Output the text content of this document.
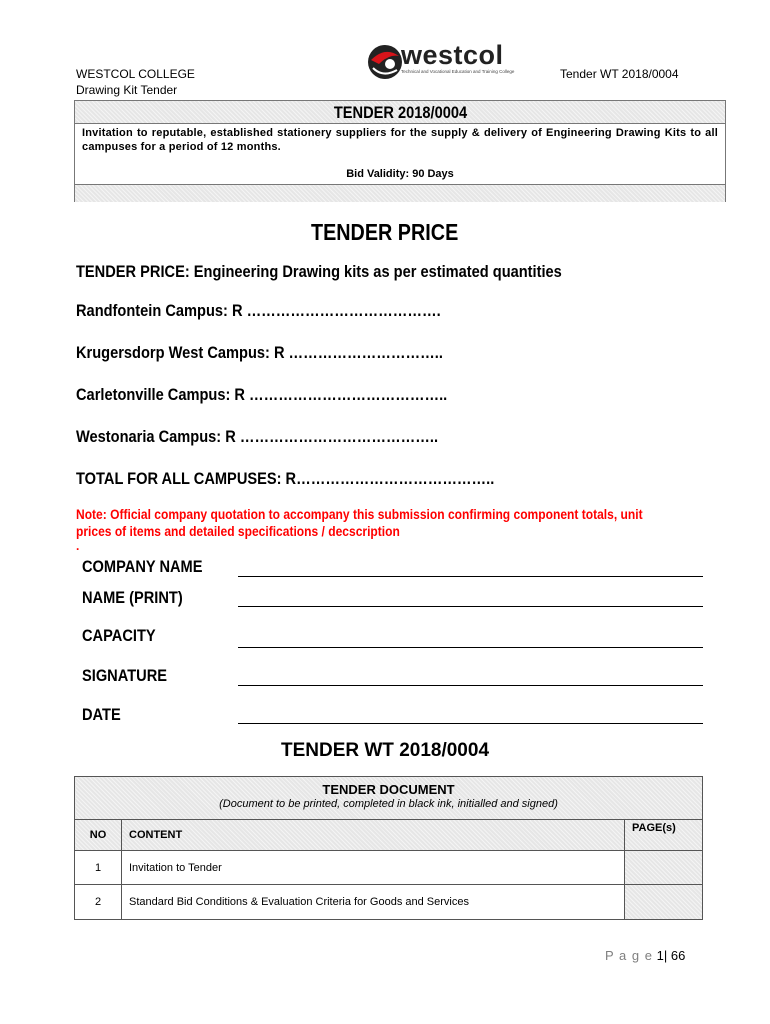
WESTCOL COLLEGE
Drawing Kit Tender
Tender WT 2018/0004
westcol
Technical and Vocational Education and Training College
TENDER 2018/0004
Invitation to reputable, established stationery suppliers for the supply & delivery of Engineering Drawing Kits to all campuses for a period of 12 months.
Bid Validity: 90 Days
TENDER PRICE
TENDER PRICE: Engineering Drawing kits as per estimated quantities
Randfontein Campus: R ………………………………….
Krugersdorp West Campus: R …………………………..
Carletonville Campus: R …………………………………..
Westonaria Campus: R …………………………………..
TOTAL FOR ALL CAMPUSES: R…………………………………..
Note: Official company quotation to accompany this submission confirming component totals, unit prices of items and detailed specifications / decscription
.
COMPANY NAME
NAME (PRINT)
CAPACITY
SIGNATURE
DATE
TENDER WT 2018/0004
TENDER DOCUMENT
(Document to be printed, completed in black ink, initialled and signed)		

NO	CONTENT	PAGE(s)
1	Invitation to Tender	
2	Standard Bid Conditions & Evaluation Criteria for Goods and Services	
P a g e 1| 66
